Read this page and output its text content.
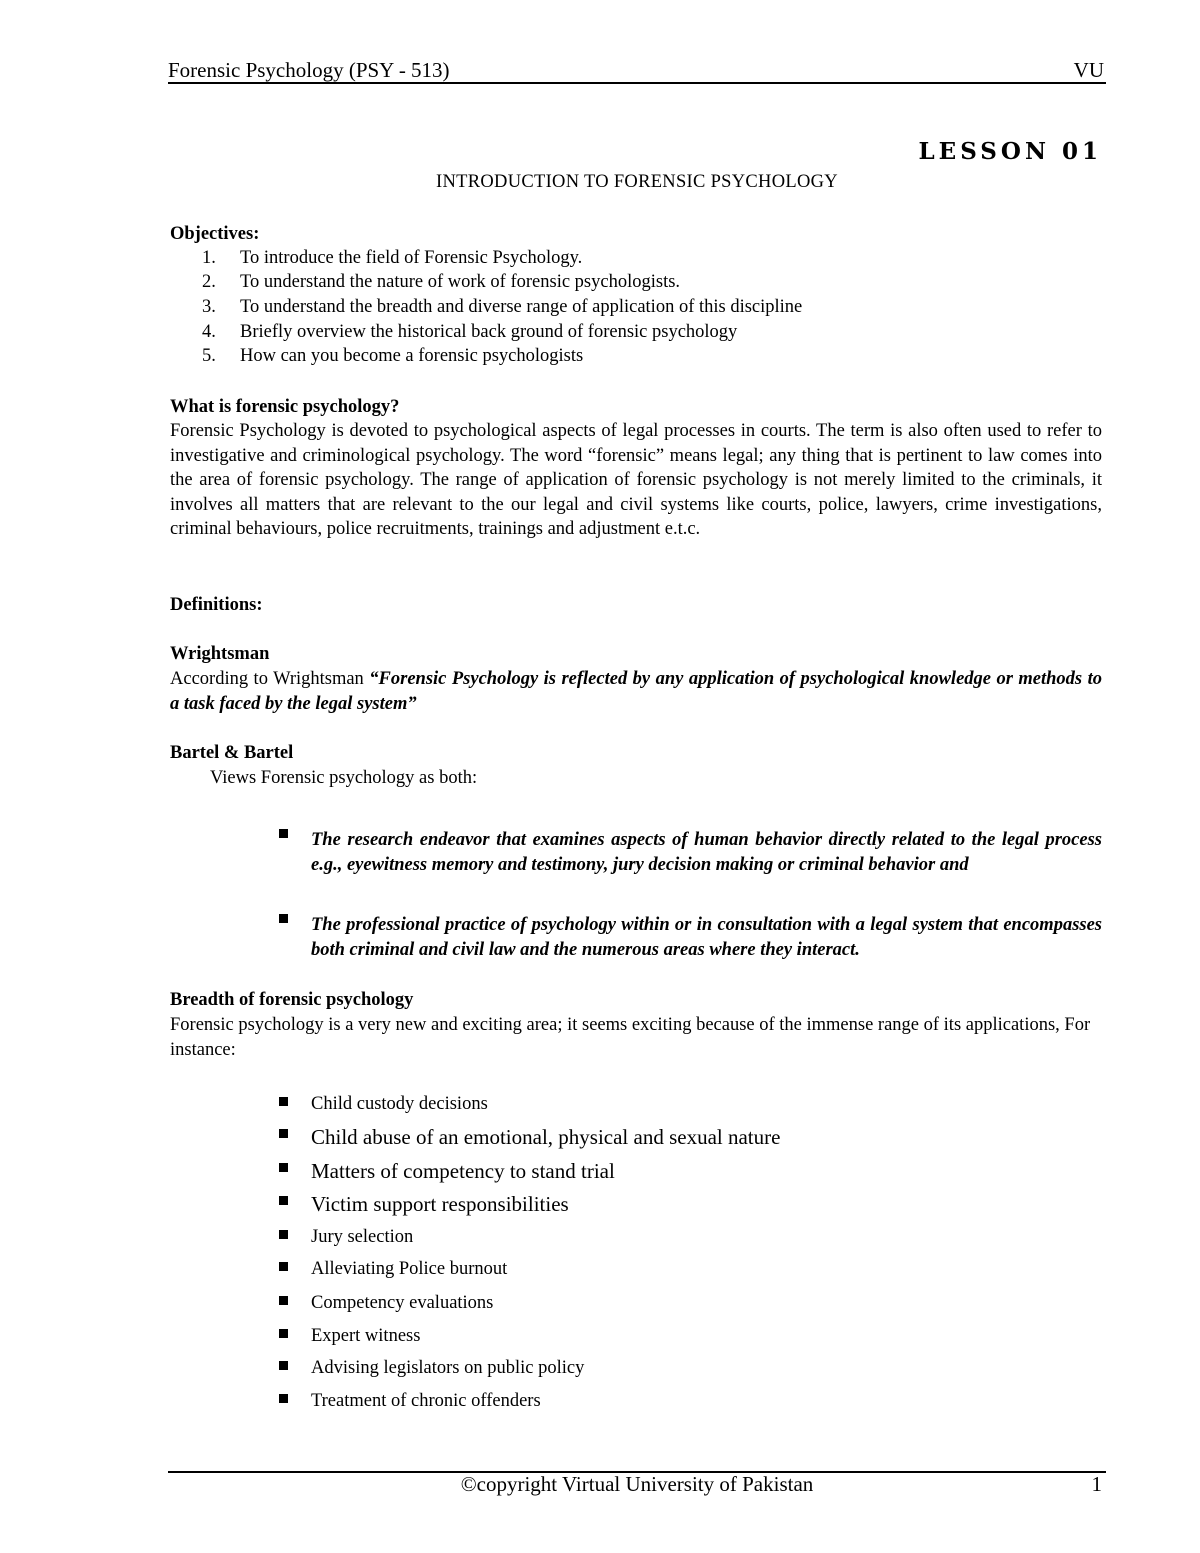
Forensic Psychology (PSY - 513)	VU
LESSON 01
INTRODUCTION TO FORENSIC PSYCHOLOGY
Objectives:
1. To introduce the field of Forensic Psychology.
2. To understand the nature of work of forensic psychologists.
3. To understand the breadth and diverse range of application of this discipline
4. Briefly overview the historical back ground of forensic psychology
5. How can you become a forensic psychologists
What is forensic psychology?
Forensic Psychology is devoted to psychological aspects of legal processes in courts. The term is also often used to refer to investigative and criminological psychology. The word “forensic” means legal; any thing that is pertinent to law comes into the area of forensic psychology. The range of application of forensic psychology is not merely limited to the criminals, it involves all matters that are relevant to the our legal and civil systems like courts, police, lawyers, crime investigations, criminal behaviours, police recruitments, trainings and adjustment e.t.c.
Definitions:
Wrightsman
According to Wrightsman “Forensic Psychology is reflected by any application of psychological knowledge or methods to a task faced by the legal system”
Bartel & Bartel
Views Forensic psychology as both:
The research endeavor that examines aspects of human behavior directly related to the legal process e.g., eyewitness memory and testimony, jury decision making or criminal behavior and
The professional practice of psychology within or in consultation with a legal system that encompasses both criminal and civil law and the numerous areas where they interact.
Breadth of forensic psychology
Forensic psychology is a very new and exciting area; it seems exciting because of the immense range of its applications, For instance:
Child custody decisions
Child abuse of an emotional, physical and sexual nature
Matters of competency to stand trial
Victim support responsibilities
Jury selection
Alleviating Police burnout
Competency evaluations
Expert witness
Advising legislators on public policy
Treatment of chronic offenders
©copyright Virtual University of Pakistan	1
